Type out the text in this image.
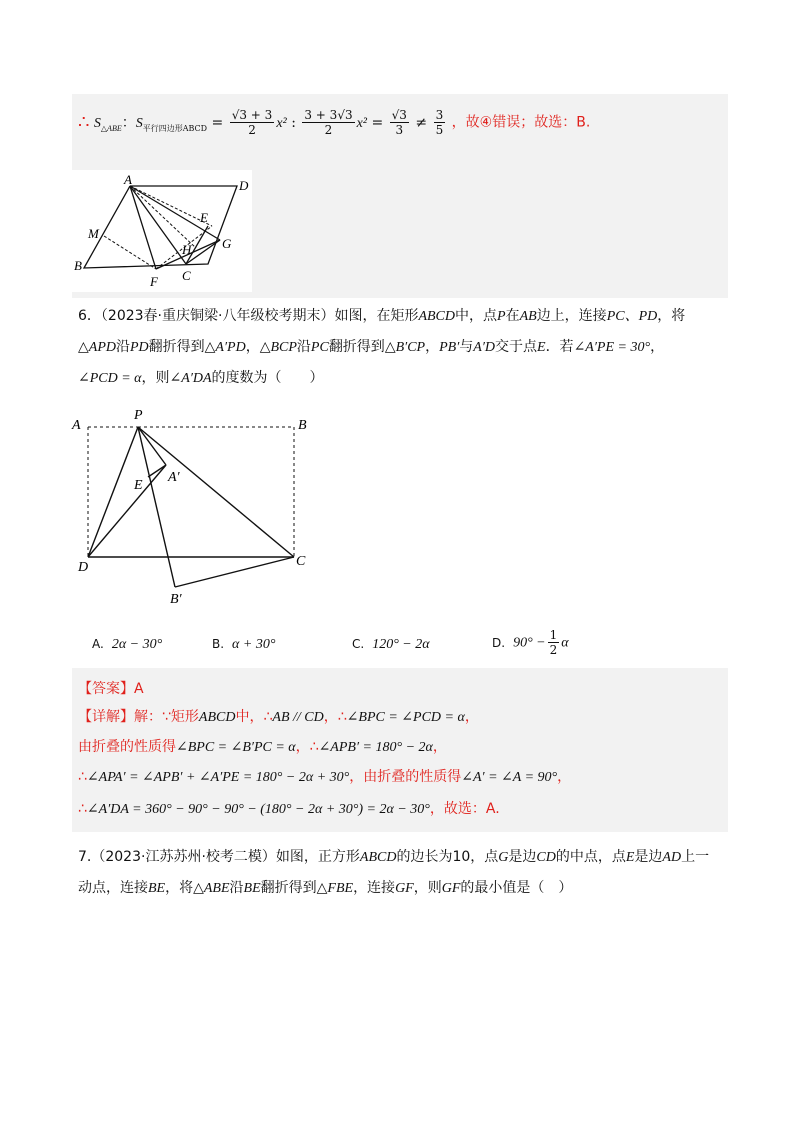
∴ $S_{\triangle ABE}$：$S_{平行四边形ABCD} = \frac{√3 + 3}{2} x^2$ : $\frac{3 + 3√3}{2} x^2 = \frac{√3}{3} \ne \frac{3}{5}$ ，故④错误；故选：B.
A	D
M
E
H G
B
F C
6．（2023春·重庆铜梁·八年级校考期末）如图，在矩形ABCD中，点P在AB边上，连接PC、PD，将
△APD沿PD翻折得到△A′PD，△BCP沿PC翻折得到△B′CP，PB′与A′D交于点E．若∠A′PE = 30°，
∠PCD = α，则∠A′DA的度数为（　　）
A
P
B
A′
E
D	C
B′
A. 2α − 30°	B. α + 30°	C. 120° − 2α	D. $90^\circ - \frac{1}{2}$ α
【答案】A
【详解】解：∵矩形ABCD中，∴AB // CD，∴∠BPC = ∠PCD = α，
由折叠的性质得∠BPC = ∠B′PC = α，∴∠APB′ = 180° − 2α，
∴∠APA′ = ∠APB′ + ∠A′PE = 180° − 2α + 30°，由折叠的性质得∠A′ = ∠A = 90°，
∴∠A′DA = 360° − 90° − 90° − (180° − 2α + 30°) = 2α − 30°，故选：A.
7.（2023·江苏苏州·校考二模）如图，正方形ABCD的边长为10，点G是边CD的中点，点E是边AD上一
动点，连接BE，将△ABE沿BE翻折得到△FBE，连接GF，则GF的最小值是（　）
